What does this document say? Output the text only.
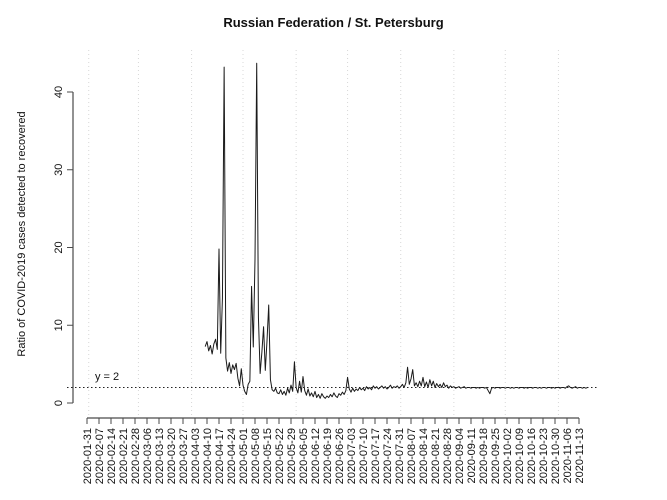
2020-01-31 2020-02-07 2020-02-14 2020-02-21 2020-02-28 2020-03-06 2020-03-13 2020-03-20 2020-03-27 2020-04-03 2020-04-10 2020-04-17 2020-04-24 2020-05-01 2020-05-08 2020-05-15 2020-05-22 2020-05-29 2020-06-05 2020-06-12 2020-06-19 2020-06-26 2020-07-03 2020-07-10 2020-07-17 2020-07-24 2020-07-31 2020-08-07 2020-08-14 2020-08-21 2020-08-28 2020-09-04 2020-09-11 2020-09-18 2020-09-25 2020-10-02 2020-10-09 2020-10-16 2020-10-23 2020-10-30 2020-11-06 2020-11-13
0
10
20
30
40
Russian Federation / St. Petersburg
Ratio of COVID-2019 cases detected to recovered
y = 2
